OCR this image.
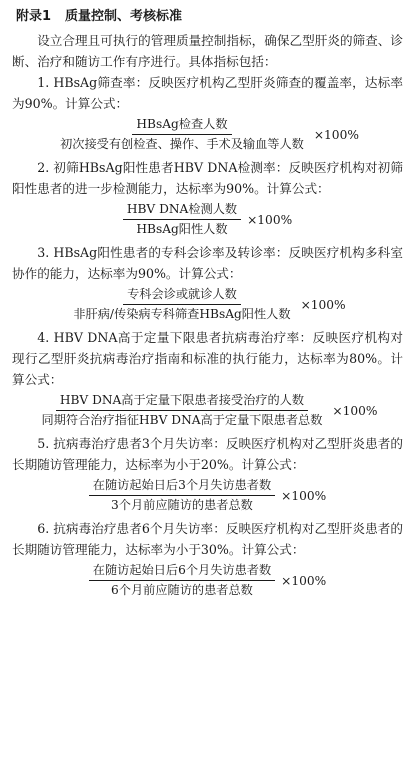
附录1 质量控制、考核标准

设立合理且可执行的管理质量控制指标，确保乙型肝炎的筛查、诊断、治疗和随访工作有序进行。具体指标包括：

1. HBsAg筛查率：反映医疗机构乙型肝炎筛查的覆盖率，达标率为90%。计算公式：

$\frac{\text{HBsAg检查人数}}{\text{初次接受有创检查、操作、手术及输血等人数}} \times 100\%$

2. 初筛HBsAg阳性患者HBV DNA检测率：反映医疗机构对初筛阳性患者的进一步检测能力，达标率为90%。计算公式：

$\frac{\text{HBV DNA检测人数}}{\text{HBsAg阳性人数}} \times 100\%$

3. HBsAg阳性患者的专科会诊率及转诊率：反映医疗机构多科室协作的能力，达标率为90%。计算公式：

$\frac{\text{专科会诊或就诊人数}}{\text{非肝病/传染病专科筛查HBsAg阳性人数}} \times 100\%$

4. HBV DNA高于定量下限患者抗病毒治疗率：反映医疗机构对现行乙型肝炎抗病毒治疗指南和标准的执行能力，达标率为80%。计算公式：

$\frac{\text{HBV DNA高于定量下限患者接受治疗的人数}}{\text{同期符合治疗指征HBV DNA高于定量下限患者总数}} \times 100\%$

5. 抗病毒治疗患者3个月失访率：反映医疗机构对乙型肝炎患者的长期随访管理能力，达标率为小于20%。计算公式：

$\frac{\text{在随访起始日后3个月失访患者数}}{\text{3个月前应随访的患者总数}} \times 100\%$

6. 抗病毒治疗患者6个月失访率：反映医疗机构对乙型肝炎患者的长期随访管理能力，达标率为小于30%。计算公式：

$\frac{\text{在随访起始日后6个月失访患者数}}{\text{6个月前应随访的患者总数}} \times 100\%$
